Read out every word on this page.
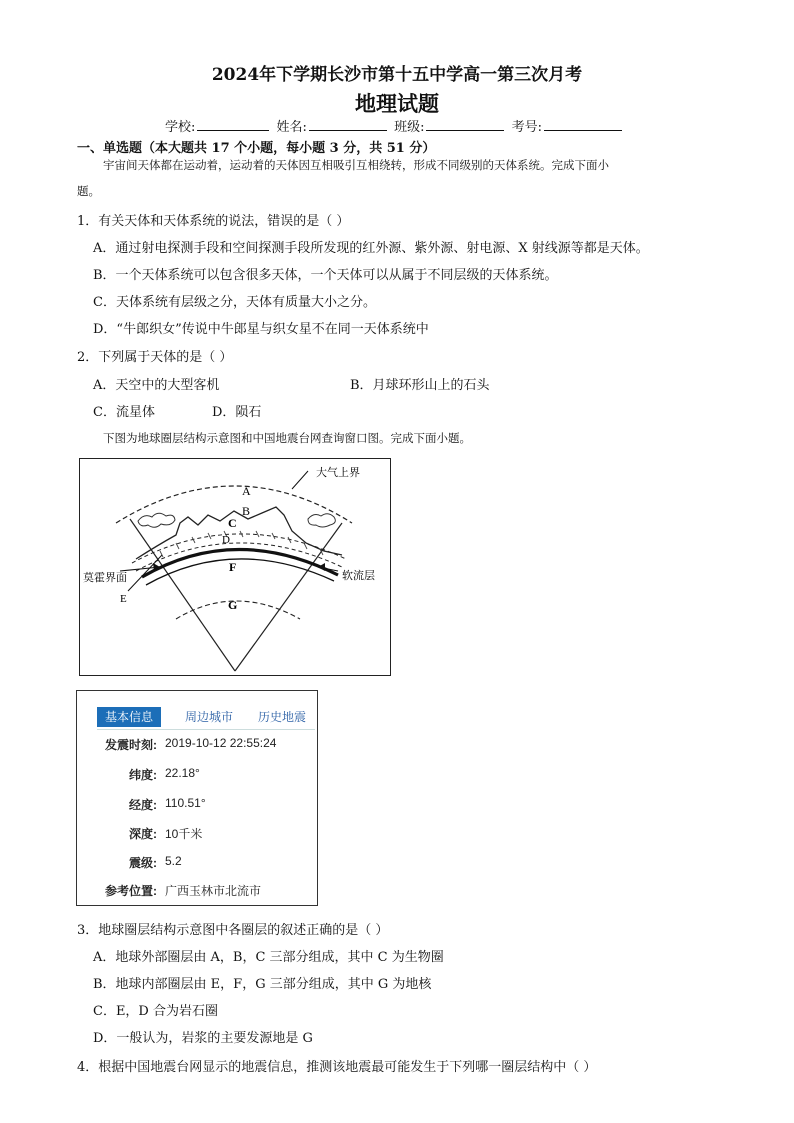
2024年下学期长沙市第十五中学高一第三次月考
地理试题
学校:	姓名:	班级:	考号:
一、单选题（本大题共 17 个小题，每小题 3 分，共 51 分）
宇宙间天体都在运动着，运动着的天体因互相吸引互相绕转，形成不同级别的天体系统。完成下面小
题。
1．有关天体和天体系统的说法，错误的是（ ）
A．通过射电探测手段和空间探测手段所发现的红外源、紫外源、射电源、X 射线源等都是天体。
B．一个天体系统可以包含很多天体，一个天体可以从属于不同层级的天体系统。
C．天体系统有层级之分，天体有质量大小之分。
D．“牛郎织女”传说中牛郎星与织女星不在同一天体系统中
2．下列属于天体的是（ ）
A．天空中的大型客机	B．月球环形山上的石头
C．流星体	D．陨石
下图为地球圈层结构示意图和中国地震台网查询窗口图。完成下面小题。
大气上界
A
B
C
D
F
G
E
莫霍界面	软流层
基本信息	周边城市	历史地震
发震时刻: 2019-10-12 22:55:24
纬度: 22.18°
经度: 110.51°
深度: 10千米
震级: 5.2
参考位置: 广西玉林市北流市
3．地球圈层结构示意图中各圈层的叙述正确的是（ ）
A．地球外部圈层由 A，B，C 三部分组成，其中 C 为生物圈
B．地球内部圈层由 E，F，G 三部分组成，其中 G 为地核
C．E，D 合为岩石圈
D．一般认为，岩浆的主要发源地是 G
4．根据中国地震台网显示的地震信息，推测该地震最可能发生于下列哪一圈层结构中（ ）
